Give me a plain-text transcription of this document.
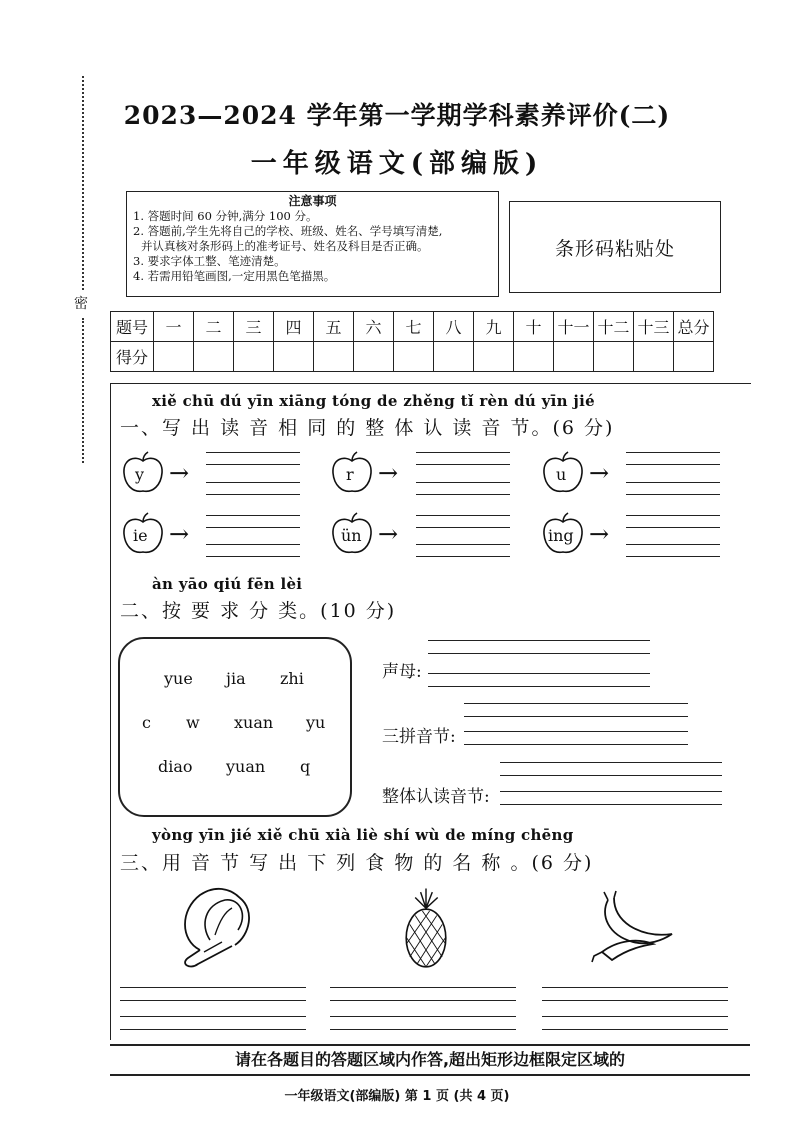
密
2023—2024 学年第一学期学科素养评价(二)
一年级语文(部编版)
注意事项
1. 答题时间 60 分钟,满分 100 分。
2. 答题前,学生先将自己的学校、班级、姓名、学号填写清楚,
并认真核对条形码上的准考证号、姓名及科目是否正确。
3. 要求字体工整、笔迹清楚。
4. 若需用铅笔画图,一定用黑色笔描黑。
条形码粘贴处
题号	一	二	三	四	五	六	七	八	九	十	十一	十二	十三	总分
得分														
xiě chū dú yīn xiāng tóng de zhěng tǐ rèn dú yīn jié
一、写 出 读 音 相 同 的 整 体 认 读 音 节。(6 分)
y →	r →	u →
ie →	ün →	ing →
àn yāo qiú fēn lèi
二、按 要 求 分 类。(10 分)
yue jia zhi
c w xuan yu
diao yuan q
声母:
三拼音节:
整体认读音节:
yòng yīn jié xiě chū xià liè shí wù de míng chēng
三、用 音 节 写 出 下 列 食 物 的 名 称 。(6 分)
请在各题目的答题区域内作答,超出矩形边框限定区域的
一年级语文(部编版) 第 1 页 (共 4 页)
